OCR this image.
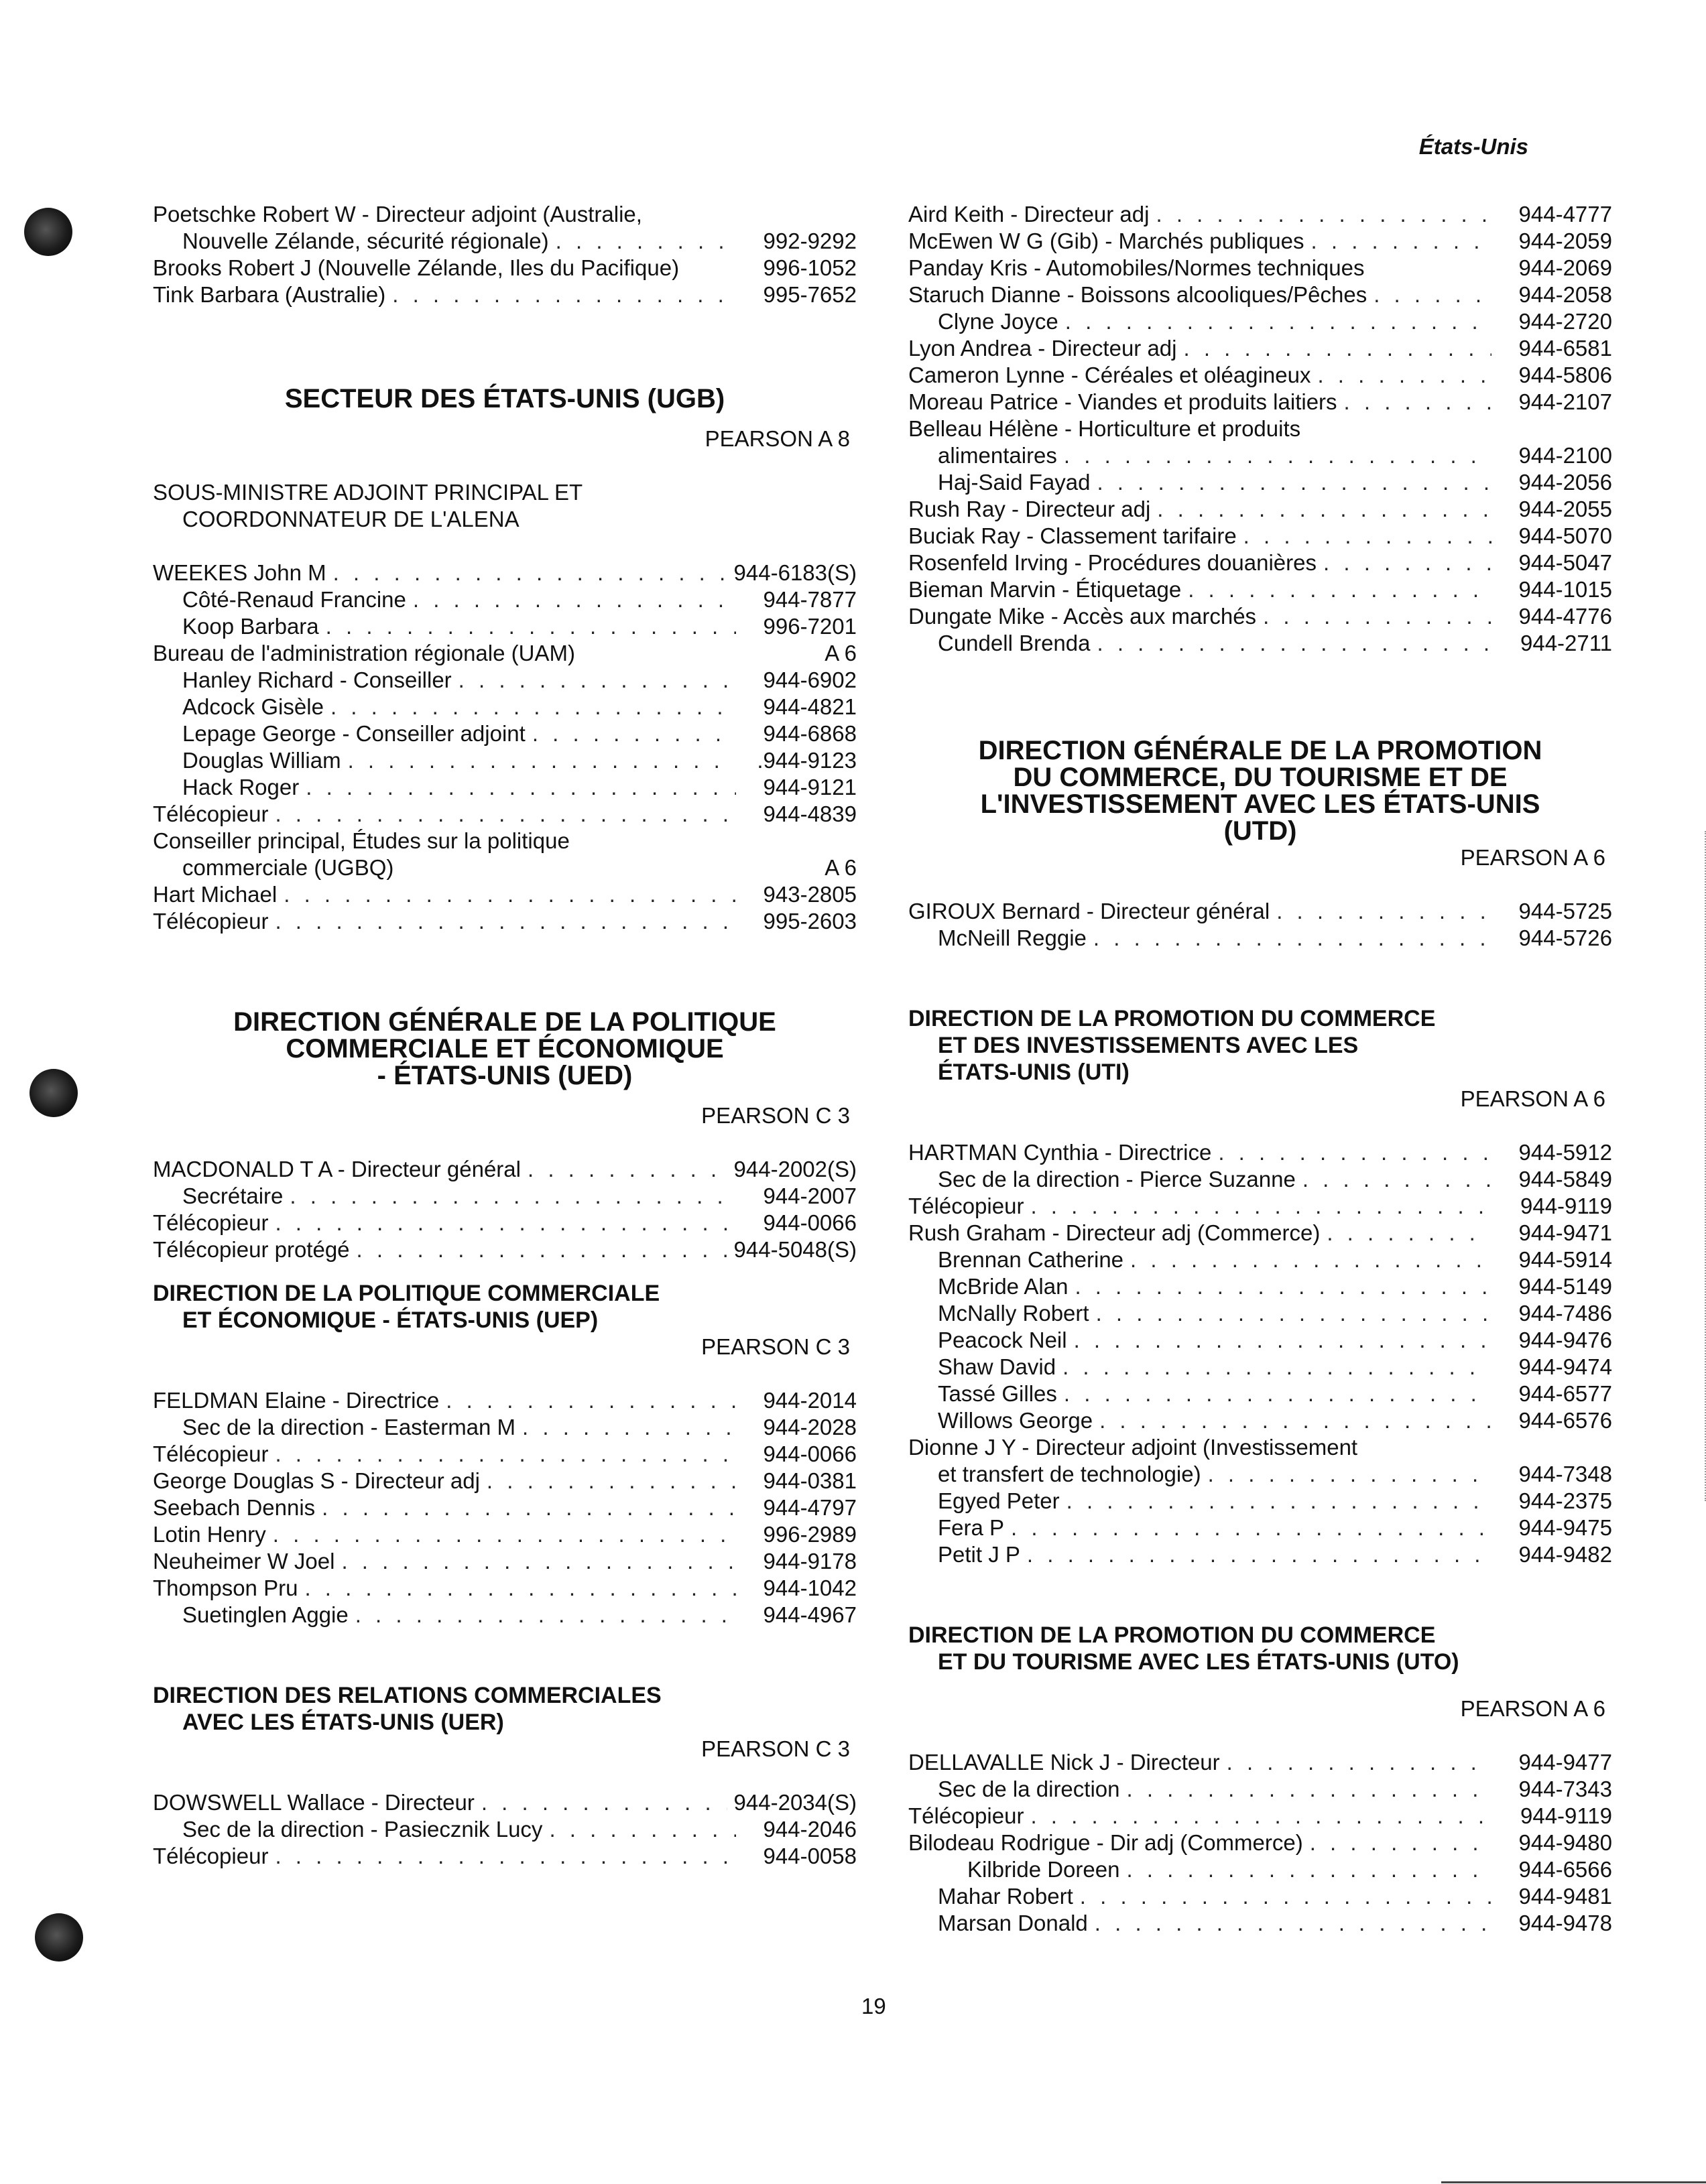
États-Unis
Poetschke Robert W - Directeur adjoint (Australie,
Nouvelle Zélande, sécurité régionale) . . .	992-9292
Brooks Robert J (Nouvelle Zélande, Iles du Pacifique)	996-1052
Tink Barbara (Australie) . . .	995-7652
SECTEUR DES ÉTATS-UNIS (UGB)
PEARSON A 8
SOUS-MINISTRE ADJOINT PRINCIPAL ET
COORDONNATEUR DE L'ALENA
WEEKES John M . . .	944-6183(S)
Côté-Renaud Francine . . .	944-7877
Koop Barbara . . .	996-7201
Bureau de l'administration régionale (UAM)	A 6
Hanley Richard - Conseiller . . .	944-6902
Adcock Gisèle . . .	944-4821
Lepage George - Conseiller adjoint . . .	944-6868
Douglas William . . .	.944-9123
Hack Roger . . .	944-9121
Télécopieur . . .	944-4839
Conseiller principal, Études sur la politique
commerciale (UGBQ)	A 6
Hart Michael . . .	943-2805
Télécopieur . . .	995-2603
DIRECTION GÉNÉRALE DE LA POLITIQUE
COMMERCIALE ET ÉCONOMIQUE
- ÉTATS-UNIS (UED)
PEARSON C 3
MACDONALD T A - Directeur général . . .	944-2002(S)
Secrétaire . . .	944-2007
Télécopieur . . .	944-0066
Télécopieur protégé . . .	944-5048(S)
DIRECTION DE LA POLITIQUE COMMERCIALE
ET ÉCONOMIQUE - ÉTATS-UNIS (UEP)
PEARSON C 3
FELDMAN Elaine - Directrice . . .	944-2014
Sec de la direction - Easterman M . . .	944-2028
Télécopieur . . .	944-0066
George Douglas S - Directeur adj . . .	944-0381
Seebach Dennis . . .	944-4797
Lotin Henry . . .	996-2989
Neuheimer W Joel . . .	944-9178
Thompson Pru . . .	944-1042
Suetinglen Aggie . . .	944-4967
DIRECTION DES RELATIONS COMMERCIALES
AVEC LES ÉTATS-UNIS (UER)
PEARSON C 3
DOWSWELL Wallace - Directeur . . .	944-2034(S)
Sec de la direction - Pasiecznik Lucy . . .	944-2046
Télécopieur . . .	944-0058
Aird Keith - Directeur adj . . .	944-4777
McEwen W G (Gib) - Marchés publiques . . .	944-2059
Panday Kris - Automobiles/Normes techniques	944-2069
Staruch Dianne - Boissons alcooliques/Pêches . . .	944-2058
Clyne Joyce . . .	944-2720
Lyon Andrea - Directeur adj . . .	944-6581
Cameron Lynne - Céréales et oléagineux . . .	944-5806
Moreau Patrice - Viandes et produits laitiers . . .	944-2107
Belleau Hélène - Horticulture et produits
alimentaires . . .	944-2100
Haj-Said Fayad . . .	944-2056
Rush Ray - Directeur adj . . .	944-2055
Buciak Ray - Classement tarifaire . . .	944-5070
Rosenfeld Irving - Procédures douanières . . .	944-5047
Bieman Marvin - Étiquetage . . .	944-1015
Dungate Mike - Accès aux marchés . . .	944-4776
Cundell Brenda . . .	944-2711
DIRECTION GÉNÉRALE DE LA PROMOTION
DU COMMERCE, DU TOURISME ET DE
L'INVESTISSEMENT AVEC LES ÉTATS-UNIS
(UTD)
PEARSON A 6
GIROUX Bernard - Directeur général . . .	944-5725
McNeill Reggie . . .	944-5726
DIRECTION DE LA PROMOTION DU COMMERCE
ET DES INVESTISSEMENTS AVEC LES
ÉTATS-UNIS (UTI)
PEARSON A 6
HARTMAN Cynthia - Directrice . . .	944-5912
Sec de la direction - Pierce Suzanne . . .	944-5849
Télécopieur . . .	944-9119
Rush Graham - Directeur adj (Commerce) . . .	944-9471
Brennan Catherine . . .	944-5914
McBride Alan . . .	944-5149
McNally Robert . . .	944-7486
Peacock Neil . . .	944-9476
Shaw David . . .	944-9474
Tassé Gilles . . .	944-6577
Willows George . . .	944-6576
Dionne J Y - Directeur adjoint (Investissement
et transfert de technologie) . . .	944-7348
Egyed Peter . . .	944-2375
Fera P . . .	944-9475
Petit J P . . .	944-9482
DIRECTION DE LA PROMOTION DU COMMERCE
ET DU TOURISME AVEC LES ÉTATS-UNIS (UTO)
PEARSON A 6
DELLAVALLE Nick J - Directeur . . .	944-9477
Sec de la direction . . .	944-7343
Télécopieur . . .	944-9119
Bilodeau Rodrigue - Dir adj (Commerce) . . .	944-9480
Kilbride Doreen . . .	944-6566
Mahar Robert . . .	944-9481
Marsan Donald . . .	944-9478
19
